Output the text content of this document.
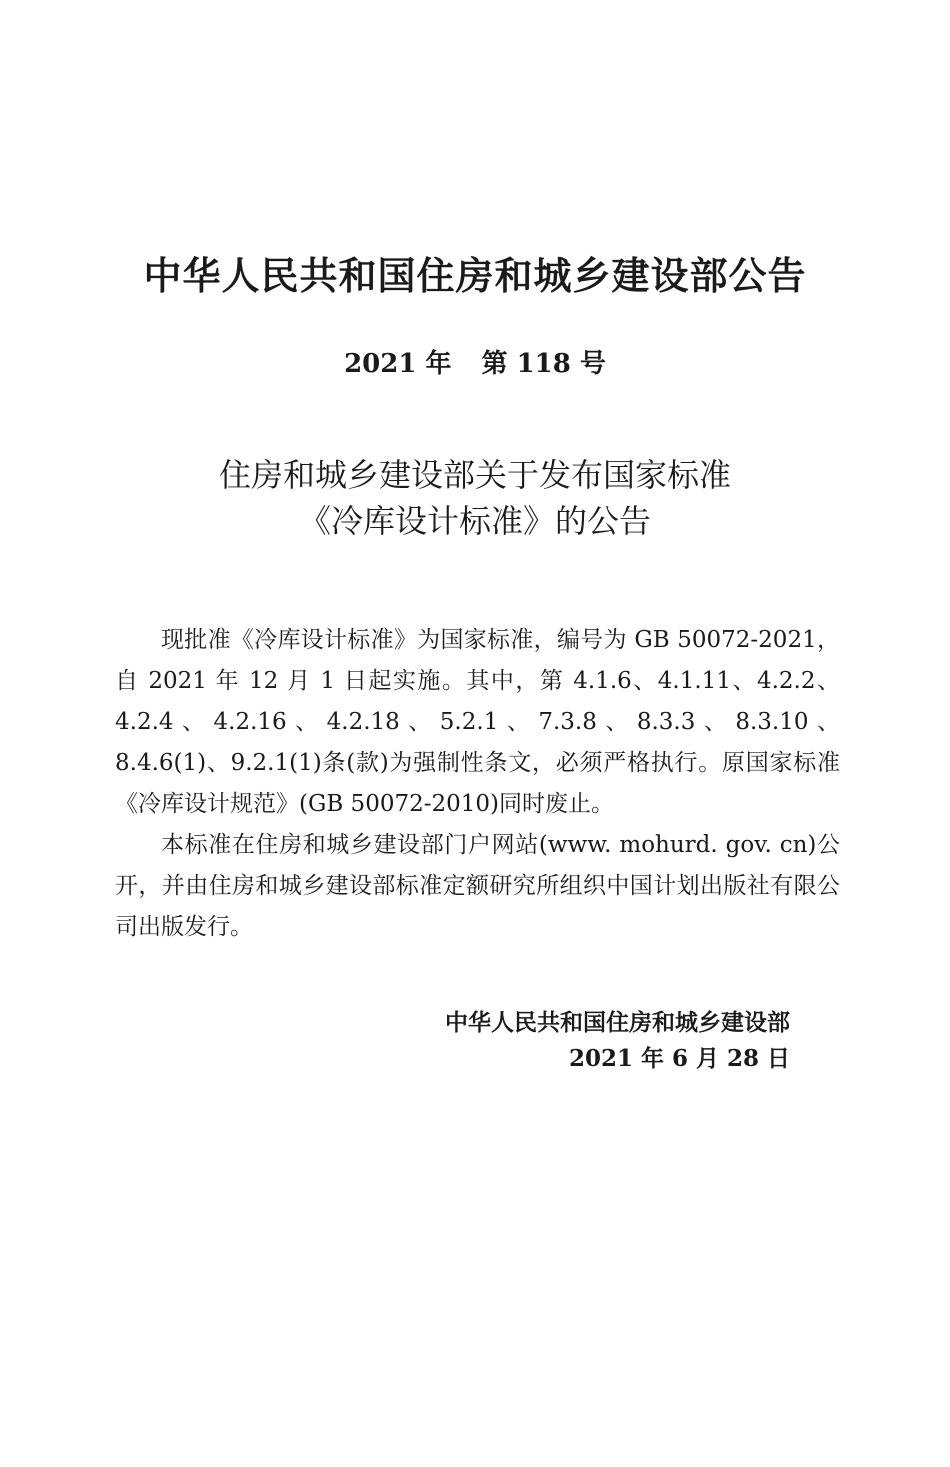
中华人民共和国住房和城乡建设部公告
2021 年 第 118 号
住房和城乡建设部关于发布国家标准
《冷库设计标准》的公告

现批准《冷库设计标准》为国家标准，编号为 GB 50072-2021，自 2021 年 12 月 1 日起实施。其中，第 4.1.6、4.1.11、4.2.2、4.2.4、4.2.16、4.2.18、5.2.1、7.3.8、8.3.3、8.3.10、8.4.6(1)、9.2.1(1)条(款)为强制性条文，必须严格执行。原国家标准《冷库设计规范》(GB 50072-2010)同时废止。

本标准在住房和城乡建设部门户网站(www. mohurd. gov. cn)公开，并由住房和城乡建设部标准定额研究所组织中国计划出版社有限公司出版发行。

中华人民共和国住房和城乡建设部
2021 年 6 月 28 日
